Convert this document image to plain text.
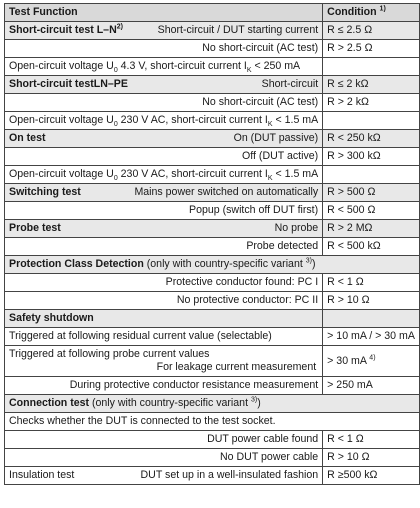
Test Function	Condition $^{1)}$

Short-circuit test $L-N^{2)}$ Short-circuit / DUT starting current	R ≤ 2.5 Ω
No short-circuit (AC test)	R > 2.5 Ω
Open-circuit voltage $U_0$ 4.3 V, short-circuit current $I_K < 250$ mA	

Short-circuit testLN–PE Short-circuit	R ≤ 2 kΩ
No short-circuit (AC test)	R > 2 kΩ
Open-circuit voltage $U_0$ 230 V AC, short-circuit current $I_K < 1.5$ mA	

On test On (DUT passive)	R < 250 kΩ
Off (DUT active)	R > 300 kΩ
Open-circuit voltage $U_0$ 230 V AC, short-circuit current $I_K < 1.5$ mA	

Switching test Mains power switched on automatically	R > 500 Ω
Popup (switch off DUT first)	R < 500 Ω

Probe test No probe	R > 2 MΩ
Probe detected	R < 500 kΩ
Protection Class Detection (only with country-specific variant $^{3)}$)	
Protective conductor found: PC I	R < 1 Ω
No protective conductor: PC II	R > 10 Ω
Safety shutdown	
Triggered at following residual current value (selectable)	> 10 mA / > 30 mA

Triggered at following probe current values
For leakage current measurement	> 30 mA $^{4)}$
During protective conductor resistance measurement	> 250 mA
Connection test (only with country-specific variant $^{3)}$)	
Checks whether the DUT is connected to the test socket.	
DUT power cable found	R < 1 Ω
No DUT power cable	R > 10 Ω

Insulation test DUT set up in a well-insulated fashion	R ≥500 kΩ
